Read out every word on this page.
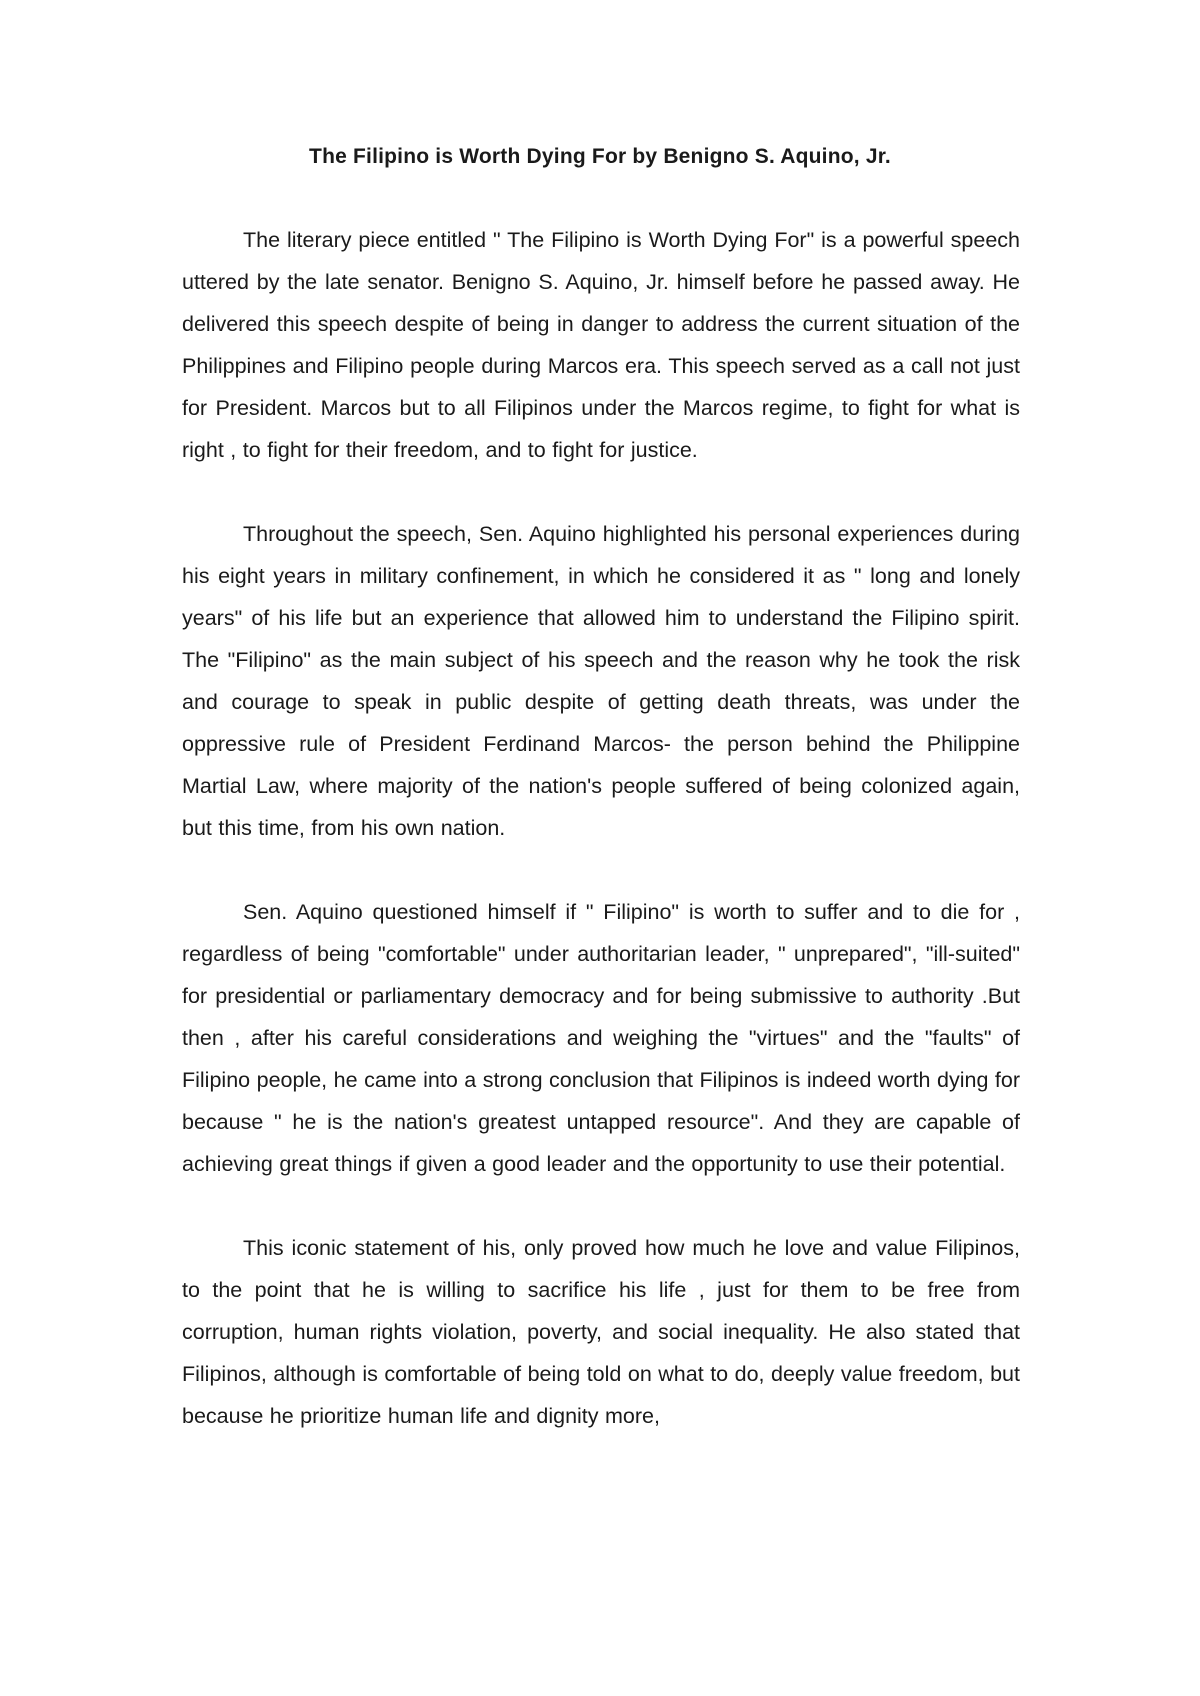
The Filipino is Worth Dying For by Benigno S. Aquino, Jr.

The literary piece entitled " The Filipino is Worth Dying For" is a powerful speech uttered by the late senator. Benigno S. Aquino, Jr. himself before he passed away. He delivered this speech despite of being in danger to address the current situation of the Philippines and Filipino people during Marcos era. This speech served as a call not just for President. Marcos but to all Filipinos under the Marcos regime, to fight for what is right , to fight for their freedom, and to fight for justice.

Throughout the speech, Sen. Aquino highlighted his personal experiences during his eight years in military confinement, in which he considered it as " long and lonely years" of his life but an experience that allowed him to understand the Filipino spirit. The "Filipino" as the main subject of his speech and the reason why he took the risk and courage to speak in public despite of getting death threats, was under the oppressive rule of President Ferdinand Marcos- the person behind the Philippine Martial Law, where majority of the nation's people suffered of being colonized again, but this time, from his own nation.

Sen. Aquino questioned himself if " Filipino" is worth to suffer and to die for , regardless of being "comfortable" under authoritarian leader, " unprepared", "ill-suited" for presidential or parliamentary democracy and for being submissive to authority .But then , after his careful considerations and weighing the "virtues" and the "faults" of Filipino people, he came into a strong conclusion that Filipinos is indeed worth dying for because " he is the nation's greatest untapped resource". And they are capable of achieving great things if given a good leader and the opportunity to use their potential.

This iconic statement of his, only proved how much he love and value Filipinos, to the point that he is willing to sacrifice his life , just for them to be free from corruption, human rights violation, poverty, and social inequality. He also stated that Filipinos, although is comfortable of being told on what to do, deeply value freedom, but because he prioritize human life and dignity more,
